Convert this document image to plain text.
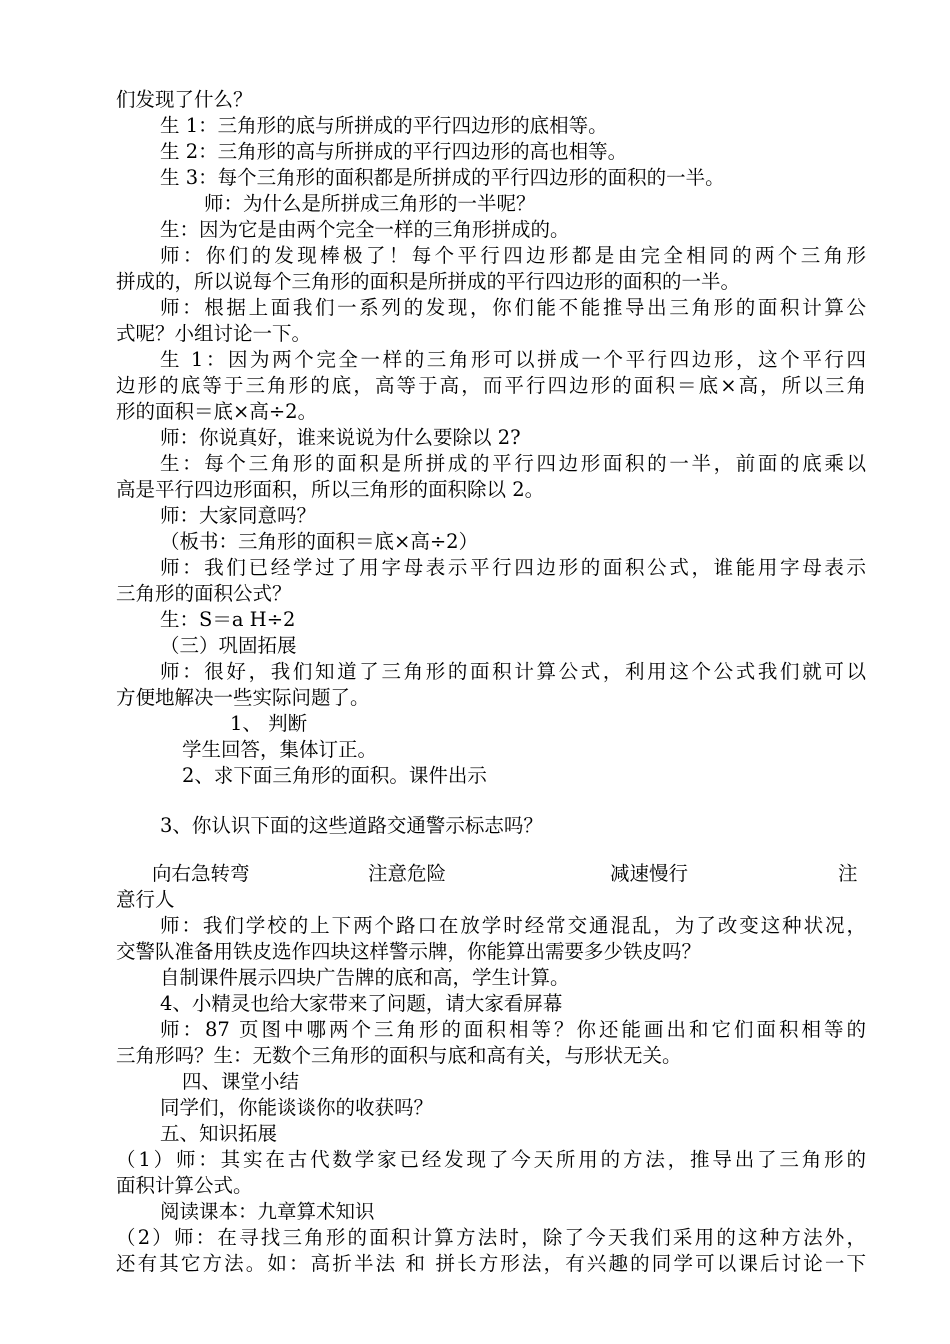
们发现了什么？
生 1：三角形的底与所拼成的平行四边形的底相等。
生 2：三角形的高与所拼成的平行四边形的高也相等。
生 3：每个三角形的面积都是所拼成的平行四边形的面积的一半。
师：为什么是所拼成三角形的一半呢？
生：因为它是由两个完全一样的三角形拼成的。
师：你们的发现棒极了！每个平行四边形都是由完全相同的两个三角形
拼成的，所以说每个三角形的面积是所拼成的平行四边形的面积的一半。
师：根据上面我们一系列的发现，你们能不能推导出三角形的面积计算公
式呢？小组讨论一下。
生 1：因为两个完全一样的三角形可以拼成一个平行四边形，这个平行四
边形的底等于三角形的底，高等于高，而平行四边形的面积＝底×高，所以三角
形的面积＝底×高÷2。
师：你说真好，谁来说说为什么要除以 2?
生：每个三角形的面积是所拼成的平行四边形面积的一半，前面的底乘以
高是平行四边形面积，所以三角形的面积除以 2。
师：大家同意吗？
（板书：三角形的面积＝底×高÷2）
师：我们已经学过了用字母表示平行四边形的面积公式，谁能用字母表示
三角形的面积公式？
生：S＝a H÷2
（三）巩固拓展
师：很好，我们知道了三角形的面积计算公式，利用这个公式我们就可以
方便地解决一些实际问题了。
1、 判断
学生回答，集体订正。
2、求下面三角形的面积。课件出示
3、你认识下面的这些道路交通警示标志吗？
意行人
师：我们学校的上下两个路口在放学时经常交通混乱，为了改变这种状况，
交警队准备用铁皮选作四块这样警示牌，你能算出需要多少铁皮吗？
自制课件展示四块广告牌的底和高，学生计算。
4、小精灵也给大家带来了问题，请大家看屏幕
师：87 页图中哪两个三角形的面积相等？你还能画出和它们面积相等的
三角形吗？生：无数个三角形的面积与底和高有关，与形状无关。
四、课堂小结
同学们，你能谈谈你的收获吗？
五、知识拓展
（1）师：其实在古代数学家已经发现了今天所用的方法，推导出了三角形的
面积计算公式。
阅读课本：九章算术知识
（2）师：在寻找三角形的面积计算方法时，除了今天我们采用的这种方法外，
还有其它方法。如：高折半法 和 拼长方形法，有兴趣的同学可以课后讨论一下
向右急转弯	注意危险	减速慢行	注
